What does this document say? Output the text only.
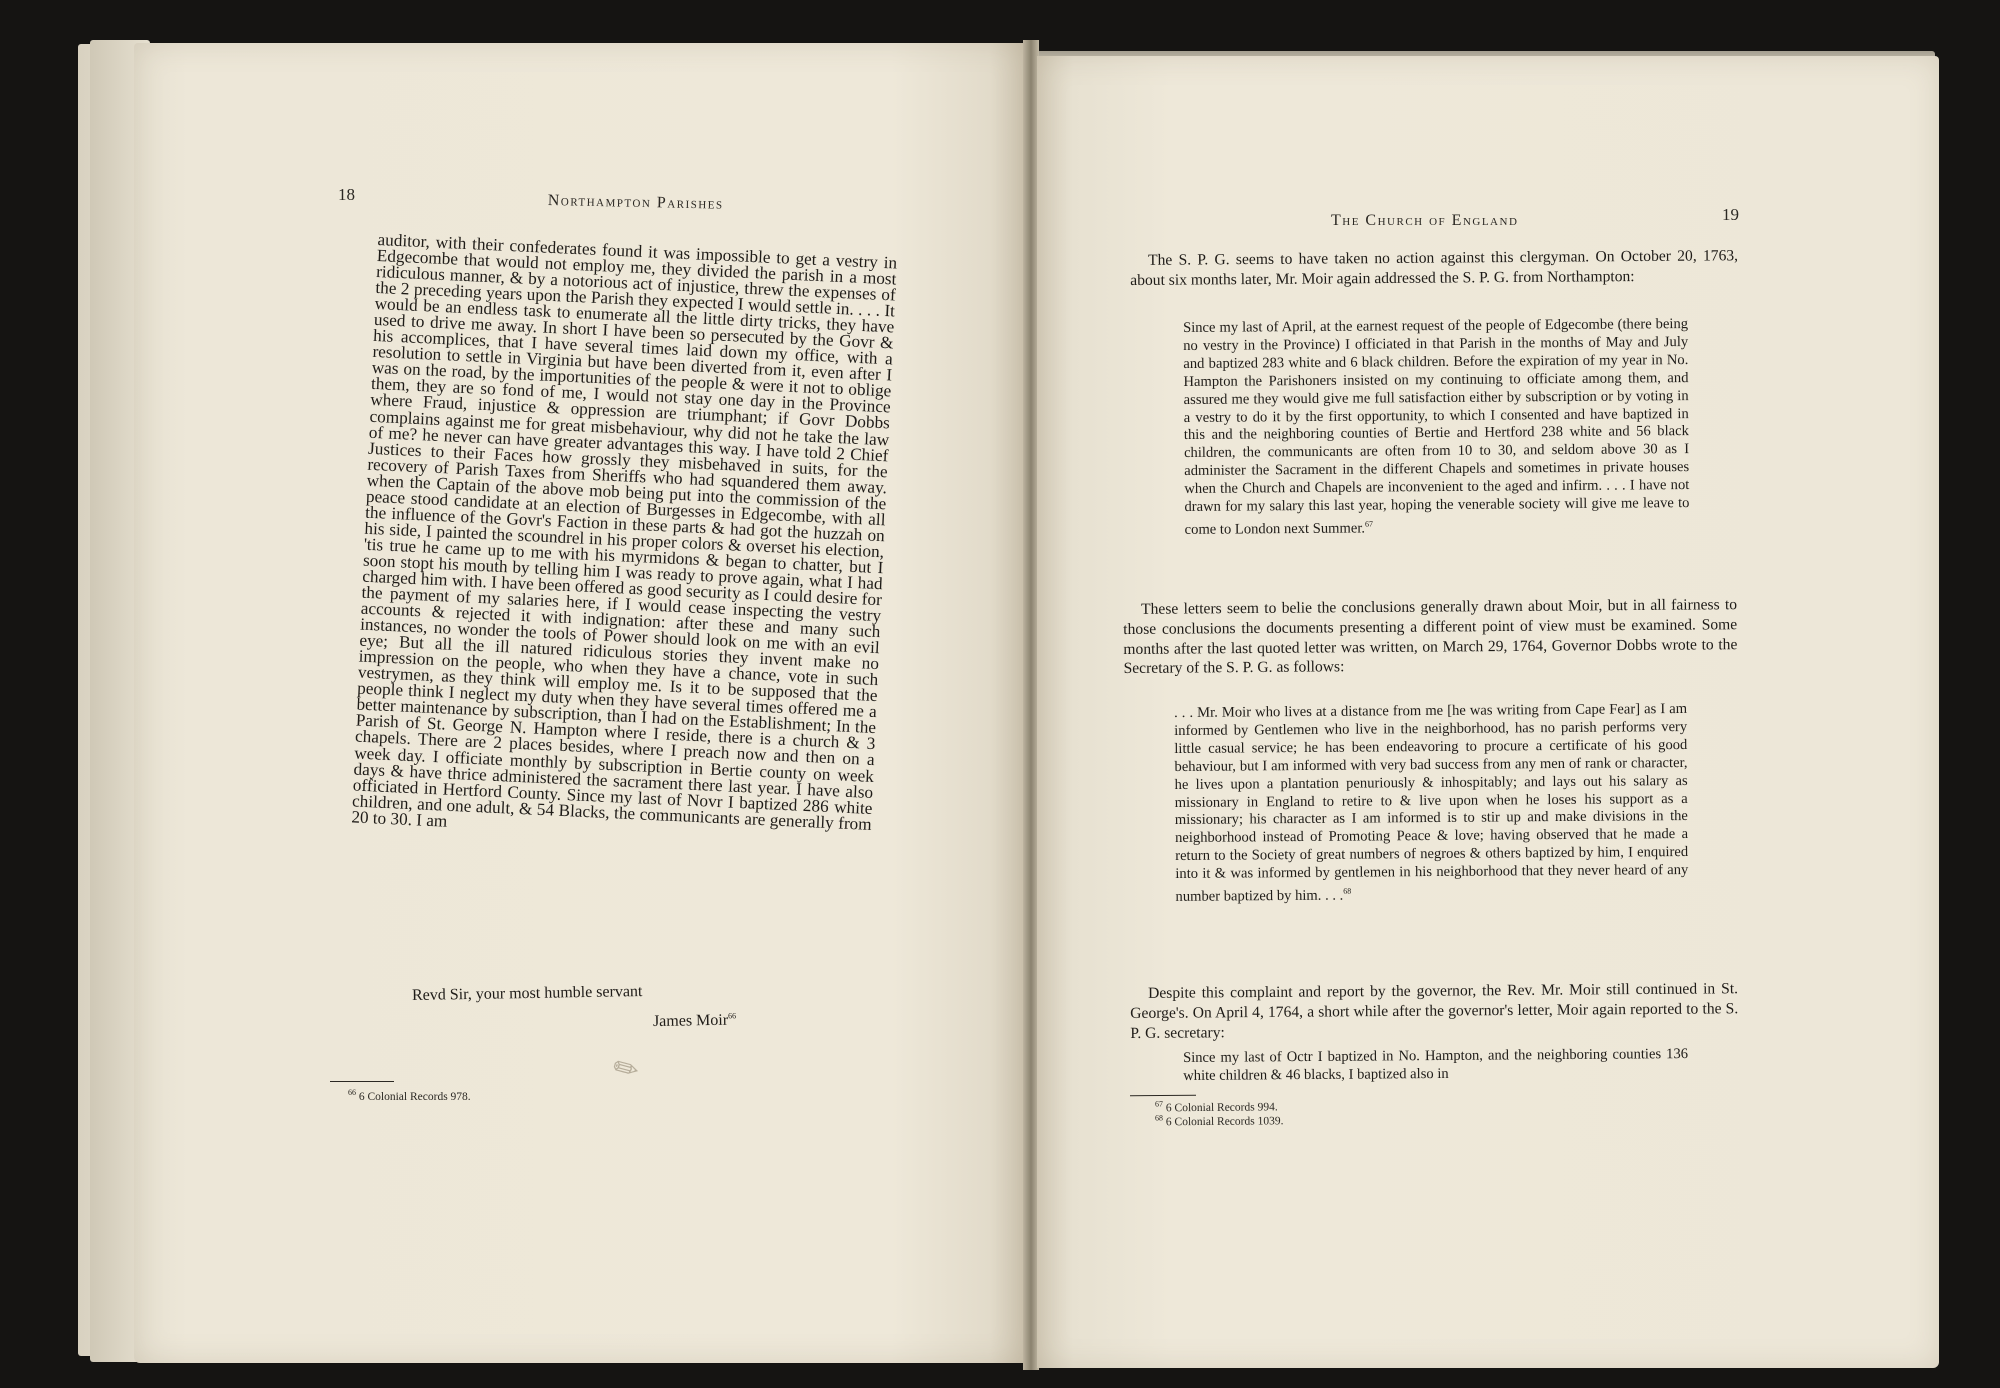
18	Northampton Parishes

auditor, with their confederates found it was impossible to get a vestry in Edgecombe that would not employ me, they divided the parish in a most ridiculous manner, & by a notorious act of injustice, threw the expenses of the 2 preceding years upon the Parish they expected I would settle in. . . . It would be an endless task to enumerate all the little dirty tricks, they have used to drive me away. In short I have been so persecuted by the Govr & his accomplices, that I have several times laid down my office, with a resolution to settle in Virginia but have been diverted from it, even after I was on the road, by the importunities of the people & were it not to oblige them, they are so fond of me, I would not stay one day in the Province where Fraud, injustice & oppression are triumphant; if Govr Dobbs complains against me for great misbehaviour, why did not he take the law of me? he never can have greater advantages this way. I have told 2 Chief Justices to their Faces how grossly they misbehaved in suits, for the recovery of Parish Taxes from Sheriffs who had squandered them away. when the Captain of the above mob being put into the commission of the peace stood candidate at an election of Burgesses in Edgecombe, with all the influence of the Govr's Faction in these parts & had got the huzzah on his side, I painted the scoundrel in his proper colors & overset his election, 'tis true he came up to me with his myrmidons & began to chatter, but I soon stopt his mouth by telling him I was ready to prove again, what I had charged him with. I have been offered as good security as I could desire for the payment of my salaries here, if I would cease inspecting the vestry accounts & rejected it with indignation: after these and many such instances, no wonder the tools of Power should look on me with an evil eye; But all the ill natured ridiculous stories they invent make no impression on the people, who when they have a chance, vote in such vestrymen, as they think will employ me. Is it to be supposed that the people think I neglect my duty when they have several times offered me a better maintenance by subscription, than I had on the Establishment; In the Parish of St. George N. Hampton where I reside, there is a church & 3 chapels. There are 2 places besides, where I preach now and then on a week day. I officiate monthly by subscription in Bertie county on week days & have thrice administered the sacrament there last year. I have also officiated in Hertford County. Since my last of Novr I baptized 286 white children, and one adult, & 54 Blacks, the communicants are generally from 20 to 30. I am

Revd Sir, your most humble servant
James Moir$^{66}$
$^{66}$ 6 Colonial Records 978.
✎
The Church of England	19

The S. P. G. seems to have taken no action against this clergyman. On October 20, 1763, about six months later, Mr. Moir again addressed the S. P. G. from Northampton:

Since my last of April, at the earnest request of the people of Edgecombe (there being no vestry in the Province) I officiated in that Parish in the months of May and July and baptized 283 white and 6 black children. Before the expiration of my year in No. Hampton the Parishoners insisted on my continuing to officiate among them, and assured me they would give me full satisfaction either by subscription or by voting in a vestry to do it by the first opportunity, to which I consented and have baptized in this and the neighboring counties of Bertie and Hertford 238 white and 56 black children, the communicants are often from 10 to 30, and seldom above 30 as I administer the Sacrament in the different Chapels and sometimes in private houses when the Church and Chapels are inconvenient to the aged and infirm. . . . I have not drawn for my salary this last year, hoping the venerable society will give me leave to come to London next Summer.$^{67}$

These letters seem to belie the conclusions generally drawn about Moir, but in all fairness to those conclusions the documents presenting a different point of view must be examined. Some months after the last quoted letter was written, on March 29, 1764, Governor Dobbs wrote to the Secretary of the S. P. G. as follows:

. . . Mr. Moir who lives at a distance from me [he was writing from Cape Fear] as I am informed by Gentlemen who live in the neighborhood, has no parish performs very little casual service; he has been endeavoring to procure a certificate of his good behaviour, but I am informed with very bad success from any men of rank or character, he lives upon a plantation penuriously & inhospitably; and lays out his salary as missionary in England to retire to & live upon when he loses his support as a missionary; his character as I am informed is to stir up and make divisions in the neighborhood instead of Promoting Peace & love; having observed that he made a return to the Society of great numbers of negroes & others baptized by him, I enquired into it & was informed by gentlemen in his neighborhood that they never heard of any number baptized by him. . . .$^{68}$

Despite this complaint and report by the governor, the Rev. Mr. Moir still continued in St. George's. On April 4, 1764, a short while after the governor's letter, Moir again reported to the S. P. G. secretary:

Since my last of Octr I baptized in No. Hampton, and the neighboring counties 136 white children & 46 blacks, I baptized also in

$^{67}$ 6 Colonial Records 994.
$^{68}$ 6 Colonial Records 1039.
